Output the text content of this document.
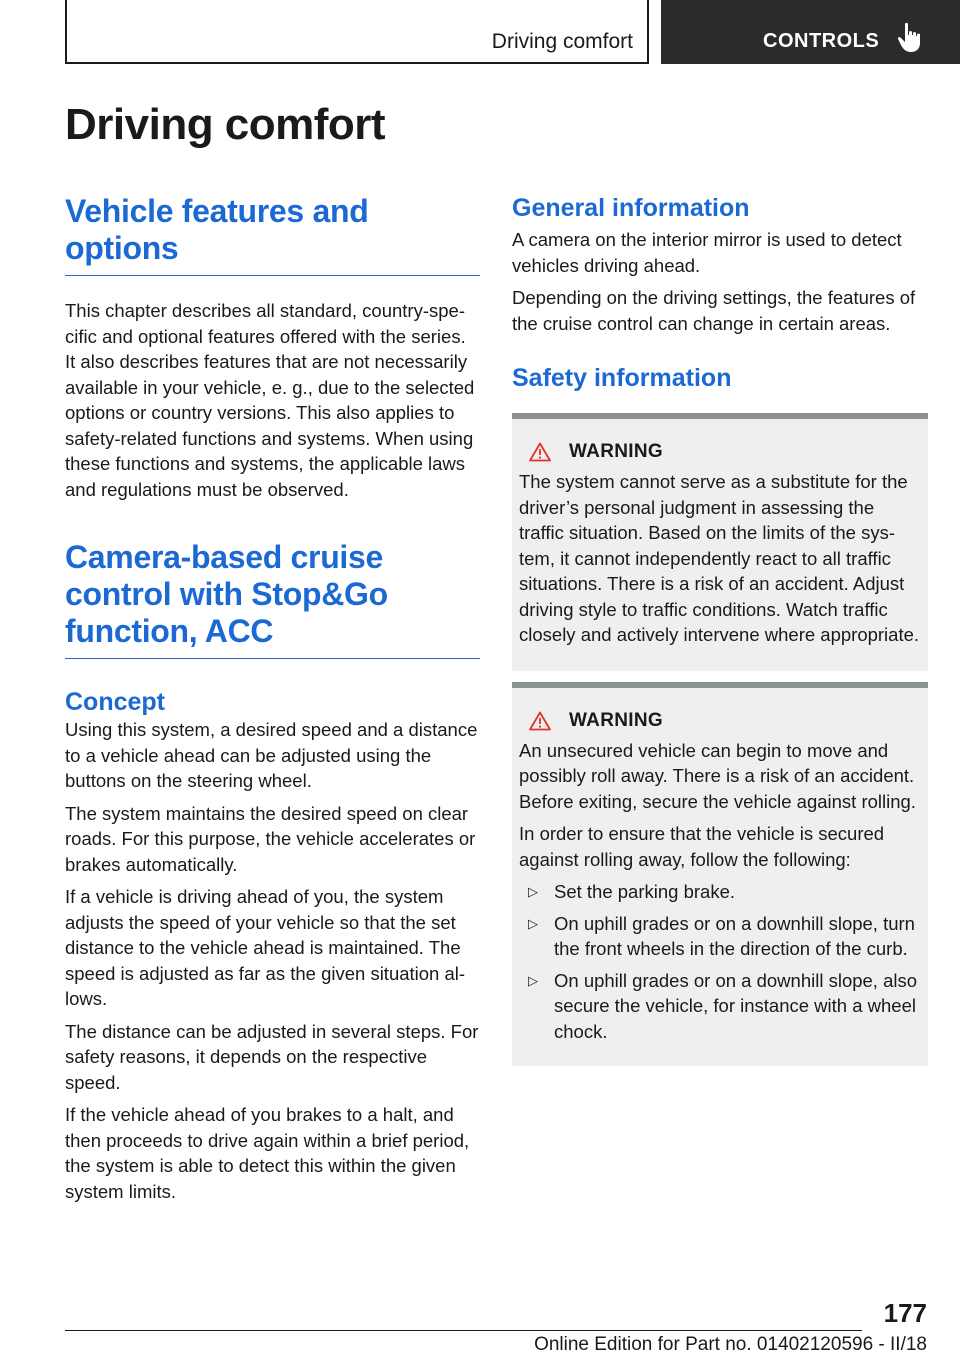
Driving comfort	CONTROLS
Driving comfort
Vehicle features and options

This chapter describes all standard, country-specific and optional features offered with the series. It also describes features that are not necessarily available in your vehicle, e. g., due to the selected options or country versions. This also applies to safety-related functions and systems. When using these functions and systems, the applicable laws and regulations must be observed.

Camera-based cruise control with Stop&Go function, ACC
Concept

Using this system, a desired speed and a distance to a vehicle ahead can be adjusted using the buttons on the steering wheel.

The system maintains the desired speed on clear roads. For this purpose, the vehicle accelerates or brakes automatically.

If a vehicle is driving ahead of you, the system adjusts the speed of your vehicle so that the set distance to the vehicle ahead is maintained. The speed is adjusted as far as the given situation allows.

The distance can be adjusted in several steps. For safety reasons, it depends on the respective speed.

If the vehicle ahead of you brakes to a halt, and then proceeds to drive again within a brief period, the system is able to detect this within the given system limits.

General information

A camera on the interior mirror is used to detect vehicles driving ahead.

Depending on the driving settings, the features of the cruise control can change in certain areas.

Safety information
WARNING

The system cannot serve as a substitute for the driver’s personal judgment in assessing the traffic situation. Based on the limits of the system, it cannot independently react to all traffic situations. There is a risk of an accident. Adjust driving style to traffic conditions. Watch traffic closely and actively intervene where appropriate.

WARNING

An unsecured vehicle can begin to move and possibly roll away. There is a risk of an accident. Before exiting, secure the vehicle against rolling.

In order to ensure that the vehicle is secured against rolling away, follow the following:

▷ Set the parking brake.
▷ On uphill grades or on a downhill slope, turn the front wheels in the direction of the curb.
▷ On uphill grades or on a downhill slope, also secure the vehicle, for instance with a wheel chock.
177
Online Edition for Part no. 01402120596 - II/18
